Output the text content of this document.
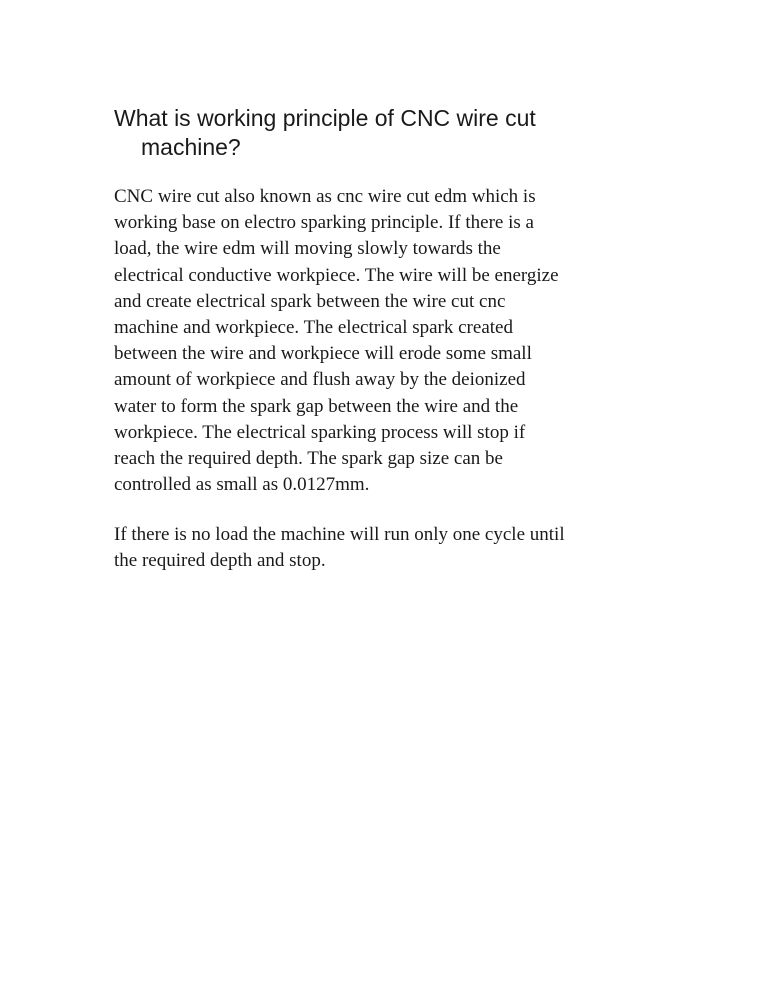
What is working principle of CNC wire cut
machine?

CNC wire cut also known as cnc wire cut edm which is
working base on electro sparking principle. If there is a
load, the wire edm will moving slowly towards the
electrical conductive workpiece. The wire will be energize
and create electrical spark between the wire cut cnc
machine and workpiece. The electrical spark created
between the wire and workpiece will erode some small
amount of workpiece and flush away by the deionized
water to form the spark gap between the wire and the
workpiece. The electrical sparking process will stop if
reach the required depth. The spark gap size can be
controlled as small as 0.0127mm.

If there is no load the machine will run only one cycle until
the required depth and stop.
